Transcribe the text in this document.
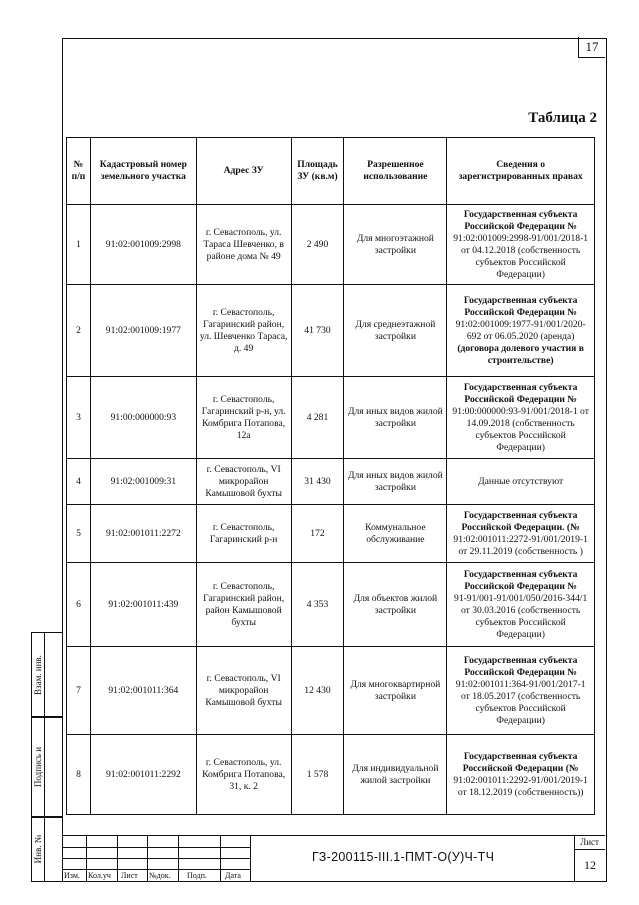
17
Таблица 2
№ п/п	Кадастровый номер земельного участка	Адрес ЗУ	Площадь ЗУ (кв.м)	Разрешенное использование	Сведения о зарегистрированных правах
1	91:02:001009:2998	г. Севастополь, ул. Тараса Шевченко, в районе дома № 49	2 490	Для многоэтажной застройки	Государственная субъекта Российской Федерации №
91:02:001009:2998-91/001/2018-1 от 04.12.2018 (собственность субъектов Российской Федерации)

2	91:02:001009:1977	г. Севастополь, Гагаринский район, ул. Шевченко Тараса, д. 49	41 730	Для среднеэтажной застройки	Государственная субъекта Российской Федерации №
91:02:001009:1977-91/001/2020-692 от 06.05.2020 (аренда)
(договора долевого участия в строительстве)

3	91:00:000000:93	г. Севастополь, Гагаринский р-н, ул. Комбрига Потапова, 12а	4 281	Для иных видов жилой застройки	Государственная субъекта Российской Федерации №
91:00:000000:93-91/001/2018-1 от 14.09.2018 (собственность субъектов Российской Федерации)

4	91:02:001009:31	г. Севастополь, VI микрорайон Камышовой бухты	31 430	Для иных видов жилой застройки	Данные отсутствуют

5	91:02:001011:2272	г. Севастополь, Гагаринский р-н	172	Коммунальное обслуживание	Государственная субъекта Российской Федерации. (№
91:02:001011:2272-91/001/2019-1 от 29.11.2019 (собственность )

6	91:02:001011:439	г. Севастополь, Гагаринский район, район Камышовой бухты	4 353	Для объектов жилой застройки	Государственная субъекта Российской Федерации №
91-91/001-91/001/050/2016-344/1 от 30.03.2016 (собственность субъектов Российской Федерации)

7	91:02:001011:364	г. Севастополь, VI микрорайон Камышовой бухты	12 430	Для многоквартирной застройки	Государственная субъекта Российской Федерации №
91:02:001011:364-91/001/2017-1 от 18.05.2017 (собственность субъектов Российской Федерации)

8	91:02:001011:2292	г. Севастополь, ул. Комбрига Потапова, 31, к. 2	1 578	Для индивидуальной жилой застройки	Государственная субъекта Российской Федерации (№
91:02:001011:2292-91/001/2019-1 от 18.12.2019 (собственность))
Взам. инв.
Подпись и
Инв. №
Изм. Кол.уч Лист №док. Подп. Дата
ГЗ-200115-III.1-ПМТ-О(У)Ч-ТЧ
Лист
12
